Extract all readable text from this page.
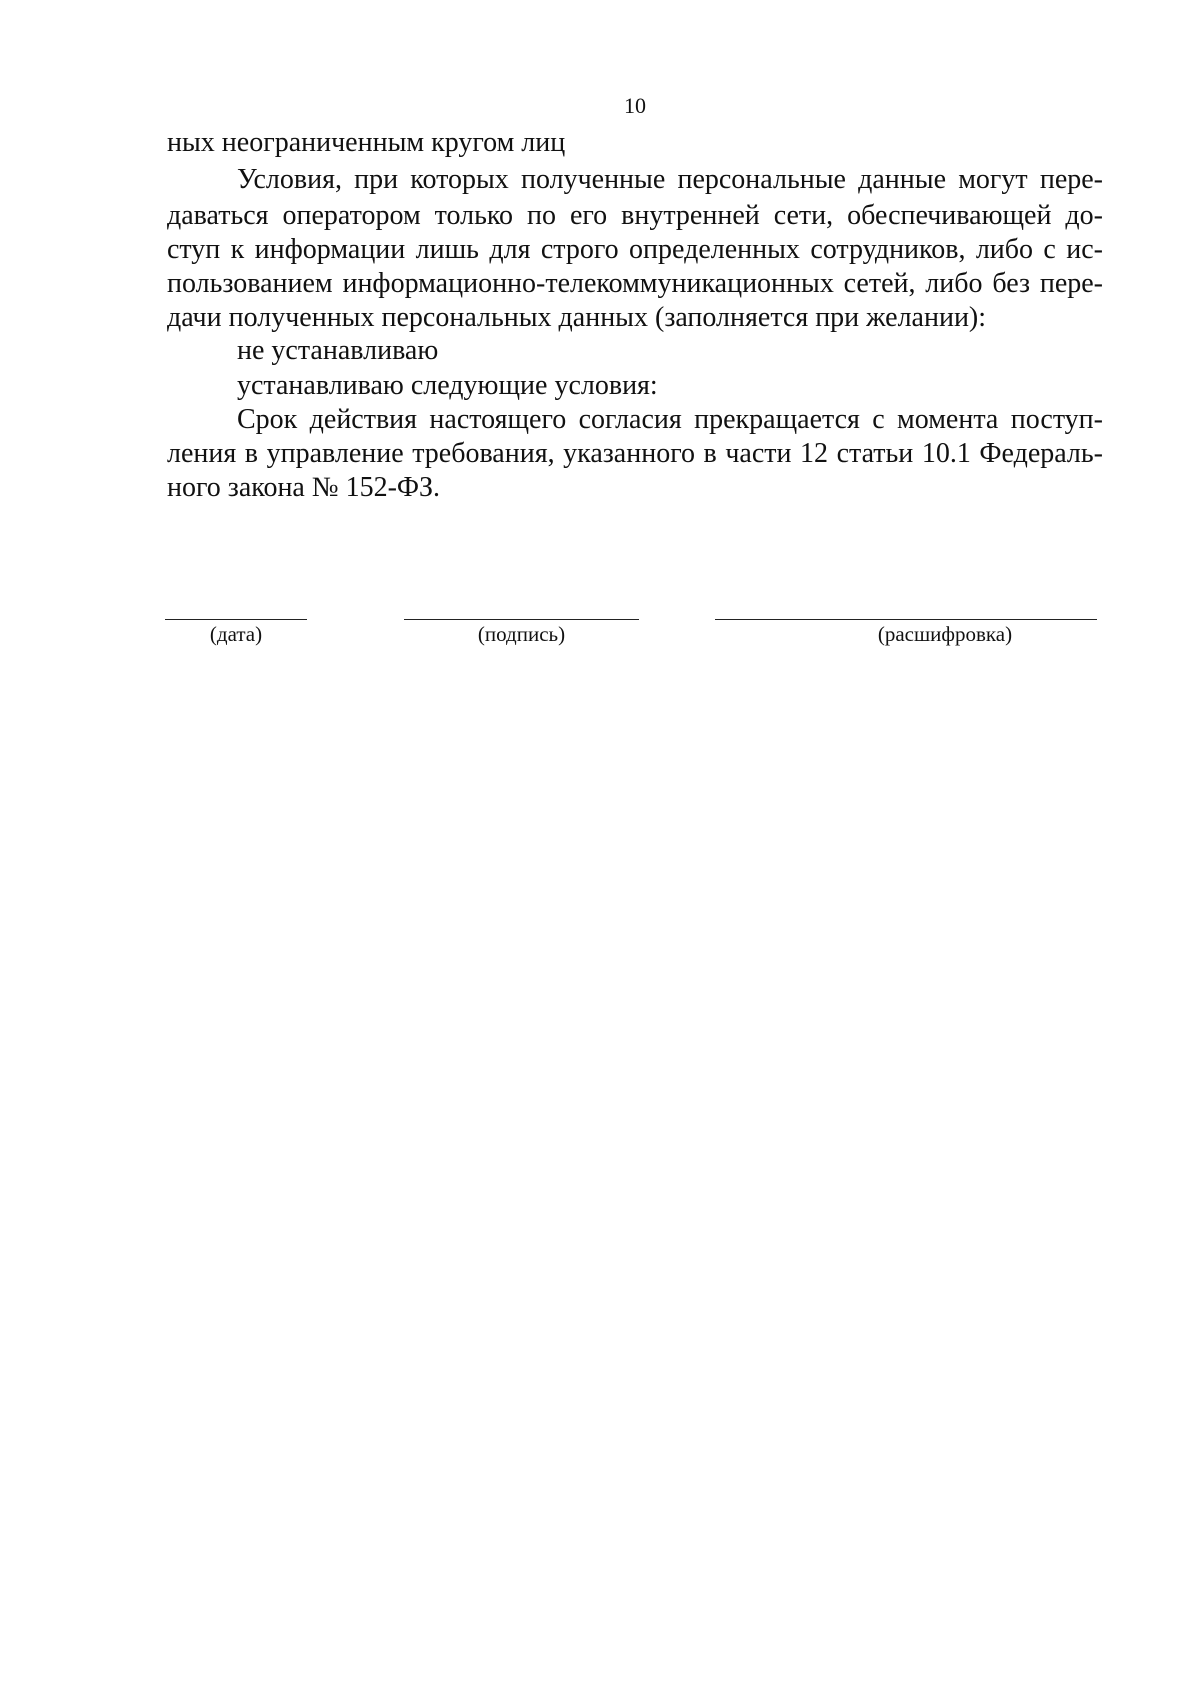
10
ных неограниченным кругом лиц
Условия, при которых полученные персональные данные могут пере-
даваться оператором только по его внутренней сети, обеспечивающей до-
ступ к информации лишь для строго определенных сотрудников, либо с ис-
пользованием информационно-телекоммуникационных сетей, либо без пере-
дачи полученных персональных данных (заполняется при желании):
не устанавливаю
устанавливаю следующие условия:
Срок действия настоящего согласия прекращается с момента поступ-
ления в управление требования, указанного в части 12 статьи 10.1 Федераль-
ного закона № 152-ФЗ.
(дата)	(подпись)	(расшифровка)
